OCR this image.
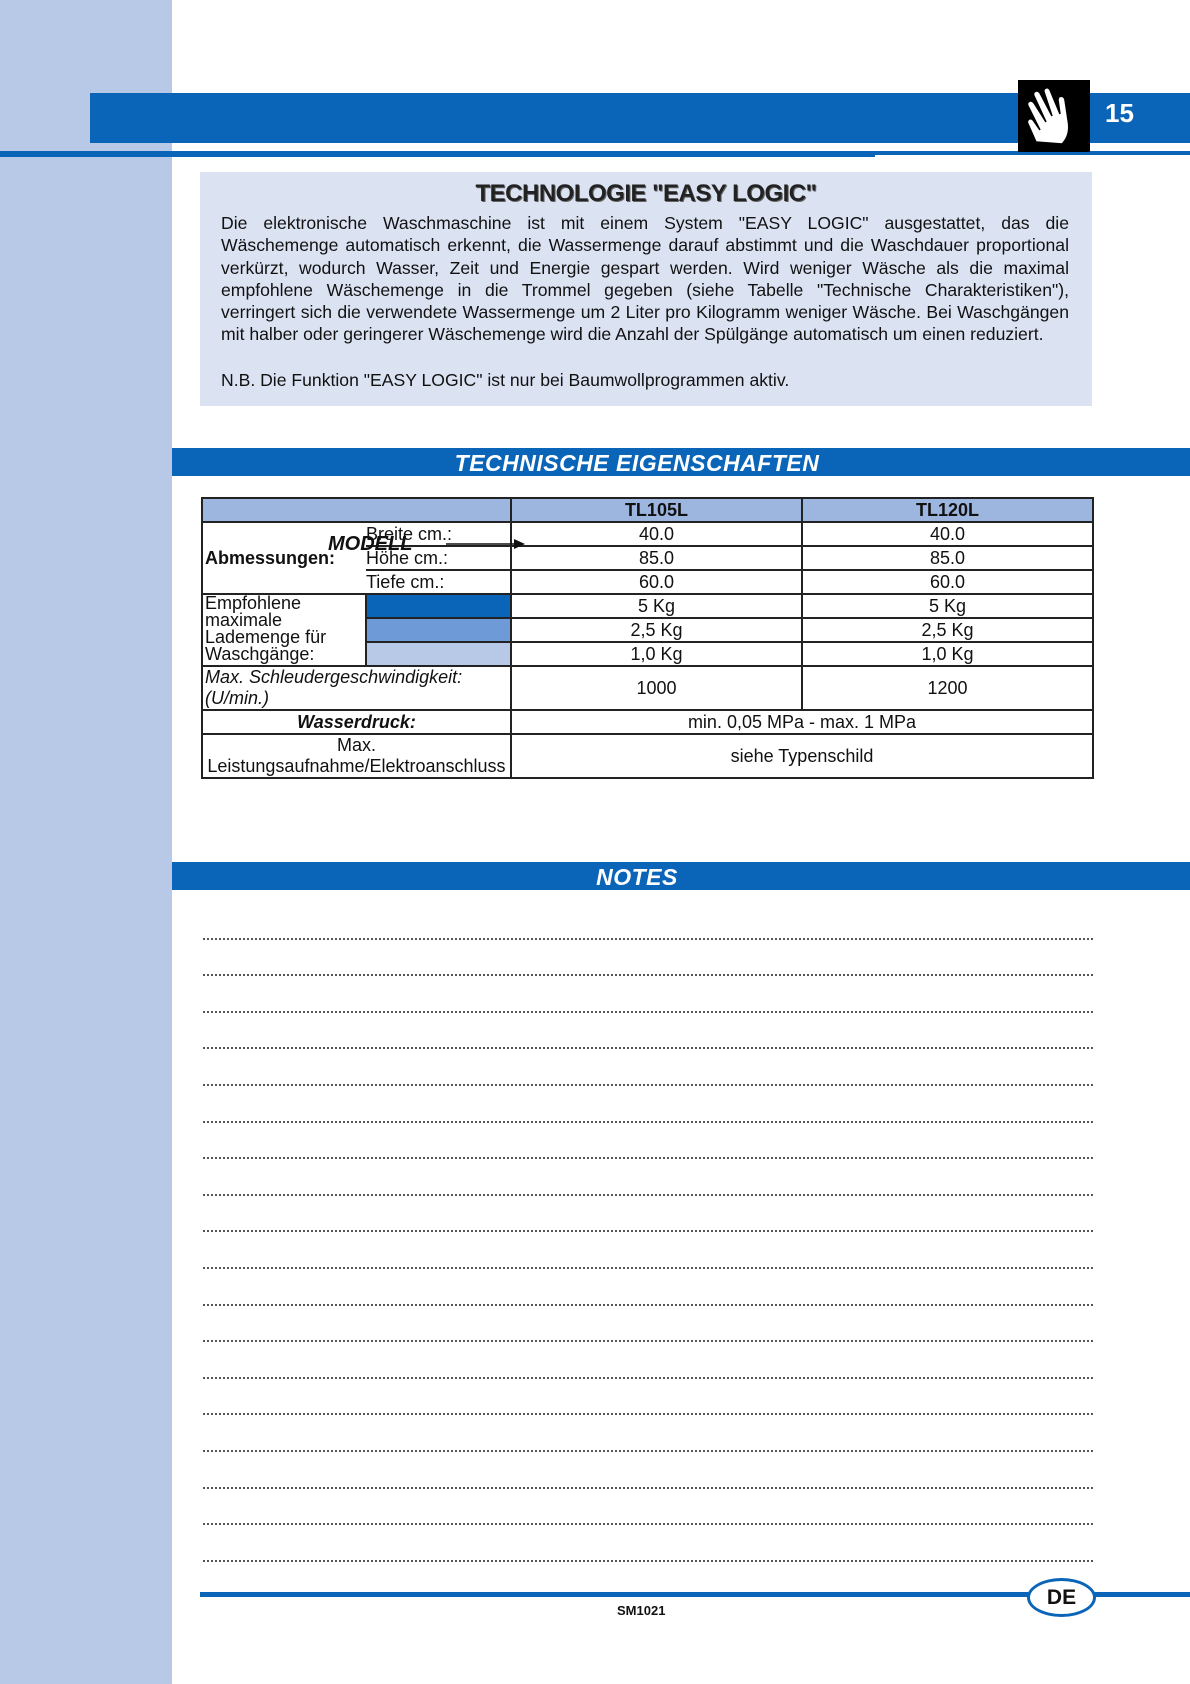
15
TECHNOLOGIE "EASY LOGIC"
Die elektronische Waschmaschine ist mit einem System "EASY LOGIC" ausgestattet, das die Wäschemenge automatisch erkennt, die Wassermenge darauf abstimmt und die Waschdauer proportional verkürzt, wodurch Wasser, Zeit und Energie gespart werden. Wird weniger Wäsche als die maximal empfohlene Wäschemenge in die Trommel gegeben (siehe Tabelle "Technische Charakteristiken"), verringert sich die verwendete Wassermenge um 2 Liter pro Kilogramm weniger Wäsche. Bei Waschgängen mit halber oder geringerer Wäschemenge wird die Anzahl der Spülgänge automatisch um einen reduziert.
N.B. Die Funktion "EASY LOGIC" ist nur bei Baumwollprogrammen aktiv.
TECHNISCHE EIGENSCHAFTEN
MODELL		TL105L	TL120L
Abmessungen:	Breite cm.:	40.0	40.0
	Höhe cm.:	85.0	85.0
	Tiefe cm.:	60.0	60.0
Empfohlene maximale Lademenge für Waschgänge:		5 Kg	5 Kg
		2,5 Kg	2,5 Kg
		1,0 Kg	1,0 Kg
Max. Schleudergeschwindigkeit: (U/min.)		1000	1200
Wasserdruck:		min. 0,05 MPa - max. 1 MPa	
Max. Leistungsaufnahme/Elektroanschluss		siehe Typenschild	
NOTES
SM1021
DE
